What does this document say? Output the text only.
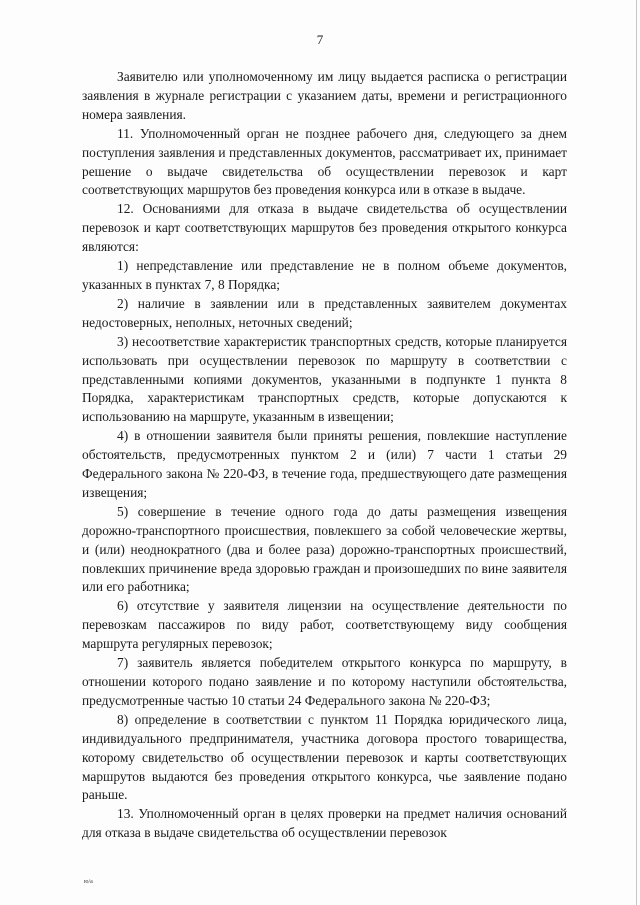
7

Заявителю или уполномоченному им лицу выдается расписка о регистрации заявления в журнале регистрации с указанием даты, времени и регистрационного номера заявления.

11. Уполномоченный орган не позднее рабочего дня, следующего за днем поступления заявления и представленных документов, рассматривает их, принимает решение о выдаче свидетельства об осуществлении перевозок и карт соответствующих маршрутов без проведения конкурса или в отказе в выдаче.

12. Основаниями для отказа в выдаче свидетельства об осуществлении перевозок и карт соответствующих маршрутов без проведения открытого конкурса являются:

1) непредставление или представление не в полном объеме документов, указанных в пунктах 7, 8 Порядка;

2) наличие в заявлении или в представленных заявителем документах недостоверных, неполных, неточных сведений;

3) несоответствие характеристик транспортных средств, которые планируется использовать при осуществлении перевозок по маршруту в соответствии с представленными копиями документов, указанными в подпункте 1 пункта 8 Порядка, характеристикам транспортных средств, которые допускаются к использованию на маршруте, указанным в извещении;

4) в отношении заявителя были приняты решения, повлекшие наступление обстоятельств, предусмотренных пунктом 2 и (или) 7 части 1 статьи 29 Федерального закона № 220-ФЗ, в течение года, предшествующего дате размещения извещения;

5) совершение в течение одного года до даты размещения извещения дорожно-транспортного происшествия, повлекшего за собой человеческие жертвы, и (или) неоднократного (два и более раза) дорожно-транспортных происшествий, повлекших причинение вреда здоровью граждан и произошедших по вине заявителя или его работника;

6) отсутствие у заявителя лицензии на осуществление деятельности по перевозкам пассажиров по виду работ, соответствующему виду сообщения маршрута регулярных перевозок;

7) заявитель является победителем открытого конкурса по маршруту, в отношении которого подано заявление и по которому наступили обстоятельства, предусмотренные частью 10 статьи 24 Федерального закона № 220-ФЗ;

8) определение в соответствии с пунктом 11 Порядка юридического лица, индивидуального предпринимателя, участника договора простого товарищества, которому свидетельство об осуществлении перевозок и карты соответствующих маршрутов выдаются без проведения открытого конкурса, чье заявление подано раньше.

13. Уполномоченный орган в целях проверки на предмет наличия оснований для отказа в выдаче свидетельства об осуществлении перевозок

ю/а
